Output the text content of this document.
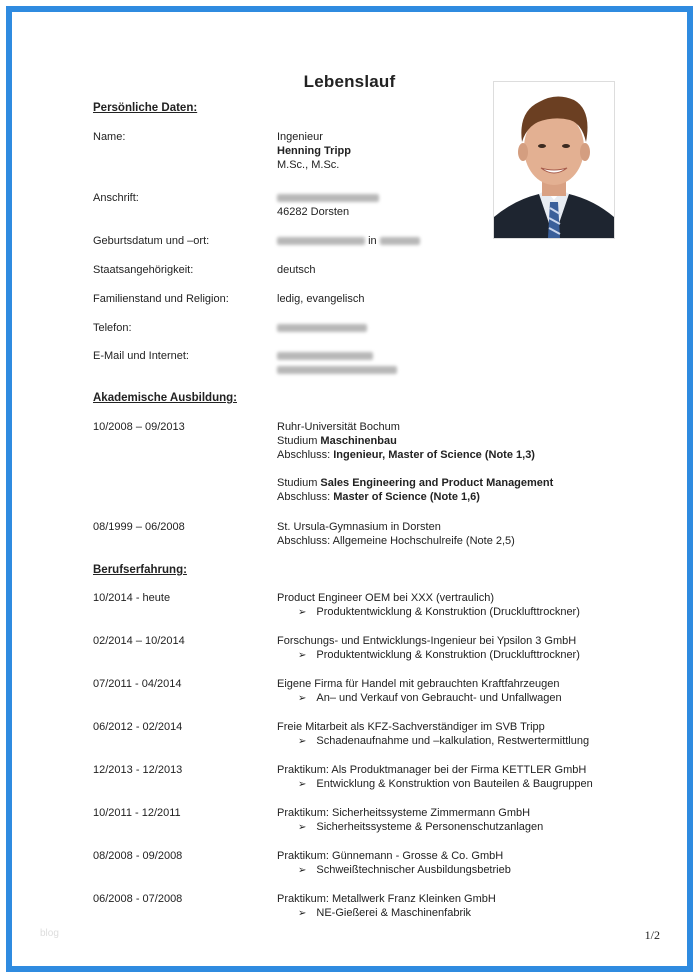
Lebenslauf
Persönliche Daten:
Name:	Ingenieur
Henning Tripp
M.Sc., M.Sc.
Anschrift:
46282 Dorsten
Geburtsdatum und –ort:	in
Staatsangehörigkeit:	deutsch
Familienstand und Religion:	ledig, evangelisch
Telefon:
E-Mail und Internet:
Akademische Ausbildung:
10/2008 – 09/2013	Ruhr-Universität Bochum
Studium Maschinenbau
Abschluss: Ingenieur, Master of Science (Note 1,3)
Studium Sales Engineering and Product Management
Abschluss: Master of Science (Note 1,6)
08/1999 – 06/2008	St. Ursula-Gymnasium in Dorsten
Abschluss: Allgemeine Hochschulreife (Note 2,5)
Berufserfahrung:
10/2014 - heute	Product Engineer OEM bei XXX (vertraulich)
➢ Produktentwicklung & Konstruktion (Drucklufttrockner)
02/2014 – 10/2014	Forschungs- und Entwicklungs-Ingenieur bei Ypsilon 3 GmbH
➢ Produktentwicklung & Konstruktion (Drucklufttrockner)
07/2011 - 04/2014	Eigene Firma für Handel mit gebrauchten Kraftfahrzeugen
➢ An– und Verkauf von Gebraucht- und Unfallwagen
06/2012 - 02/2014	Freie Mitarbeit als KFZ-Sachverständiger im SVB Tripp
➢ Schadenaufnahme und –kalkulation, Restwertermittlung
12/2013 - 12/2013	Praktikum: Als Produktmanager bei der Firma KETTLER GmbH
➢ Entwicklung & Konstruktion von Bauteilen & Baugruppen
10/2011 - 12/2011	Praktikum: Sicherheitssysteme Zimmermann GmbH
➢ Sicherheitssysteme & Personenschutzanlagen
08/2008 - 09/2008	Praktikum: Günnemann - Grosse & Co. GmbH
➢ Schweißtechnischer Ausbildungsbetrieb
06/2008 - 07/2008	Praktikum: Metallwerk Franz Kleinken GmbH
➢ NE-Gießerei & Maschinenfabrik
blog	1/2
